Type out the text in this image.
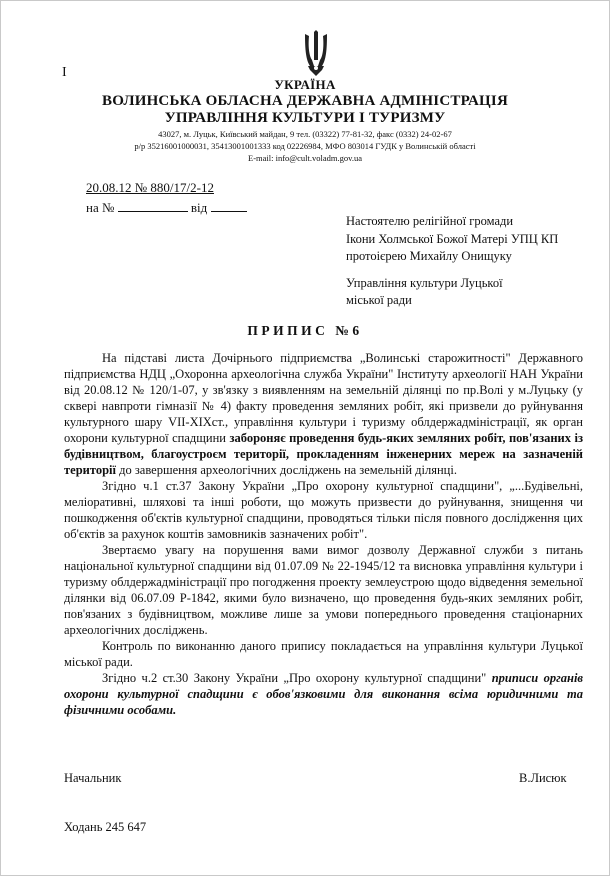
I

УКРАЇНА

ВОЛИНСЬКА ОБЛАСНА ДЕРЖАВНА АДМІНІСТРАЦІЯ

УПРАВЛІННЯ КУЛЬТУРИ І ТУРИЗМУ

43027, м. Луцьк, Київський майдан, 9 тел. (03322) 77-81-32, факс (0332) 24-02-67

р/р 35216001000031, 35413001001333 код 02226984, МФО 803014 ГУДК у Волинській області

E-mail: info@cult.voladm.gov.ua

20.08.12 № 880/17/2-12
на №	від
Настоятелю релігійної громади
Ікони Холмської Божої Матері УПЦ КП
протоієрею Михайлу Онищуку
Управління культури Луцької
міської ради

ПРИПИС №6

На підставі листа Дочірнього підприємства „Волинські старожитності" Державного підприємства НДЦ „Охоронна археологічна служба України" Інституту археології НАН України від 20.08.12 № 120/1-07, у зв'язку з виявленням на земельній ділянці по пр.Волі у м.Луцьку (у сквері навпроти гімназії № 4) факту проведення земляних робіт, які призвели до руйнування культурного шару VII-XIXст., управління культури і туризму облдержадміністрації, як орган охорони культурної спадщини забороняє проведення будь-яких земляних робіт, пов'язаних із будівництвом, благоустроєм території, прокладенням інженерних мереж на зазначеній території до завершення археологічних досліджень на земельній ділянці.

Згідно ч.1 ст.37 Закону України „Про охорону культурної спадщини", „...Будівельні, меліоративні, шляхові та інші роботи, що можуть призвести до руйнування, знищення чи пошкодження об'єктів культурної спадщини, проводяться тільки після повного дослідження цих об'єктів за рахунок коштів замовників зазначених робіт".

Звертаємо увагу на порушення вами вимог дозволу Державної служби з питань національної культурної спадщини від 01.07.09 № 22-1945/12 та висновка управління культури і туризму облдержадміністрації про погодження проекту землеустрою щодо відведення земельної ділянки від 06.07.09 Р-1842, якими було визначено, що проведення будь-яких земляних робіт, пов'язаних з будівництвом, можливе лише за умови попереднього проведення стаціонарних археологічних досліджень.

Контроль по виконанню даного припису покладається на управління культури Луцької міської ради.

Згідно ч.2 ст.30 Закону України „Про охорону культурної спадщини" приписи органів охорони культурної спадщини є обов'язковими для виконання всіма юридичними та фізичними особами.

Начальник	В.Лисюк

Ходань 245 647
